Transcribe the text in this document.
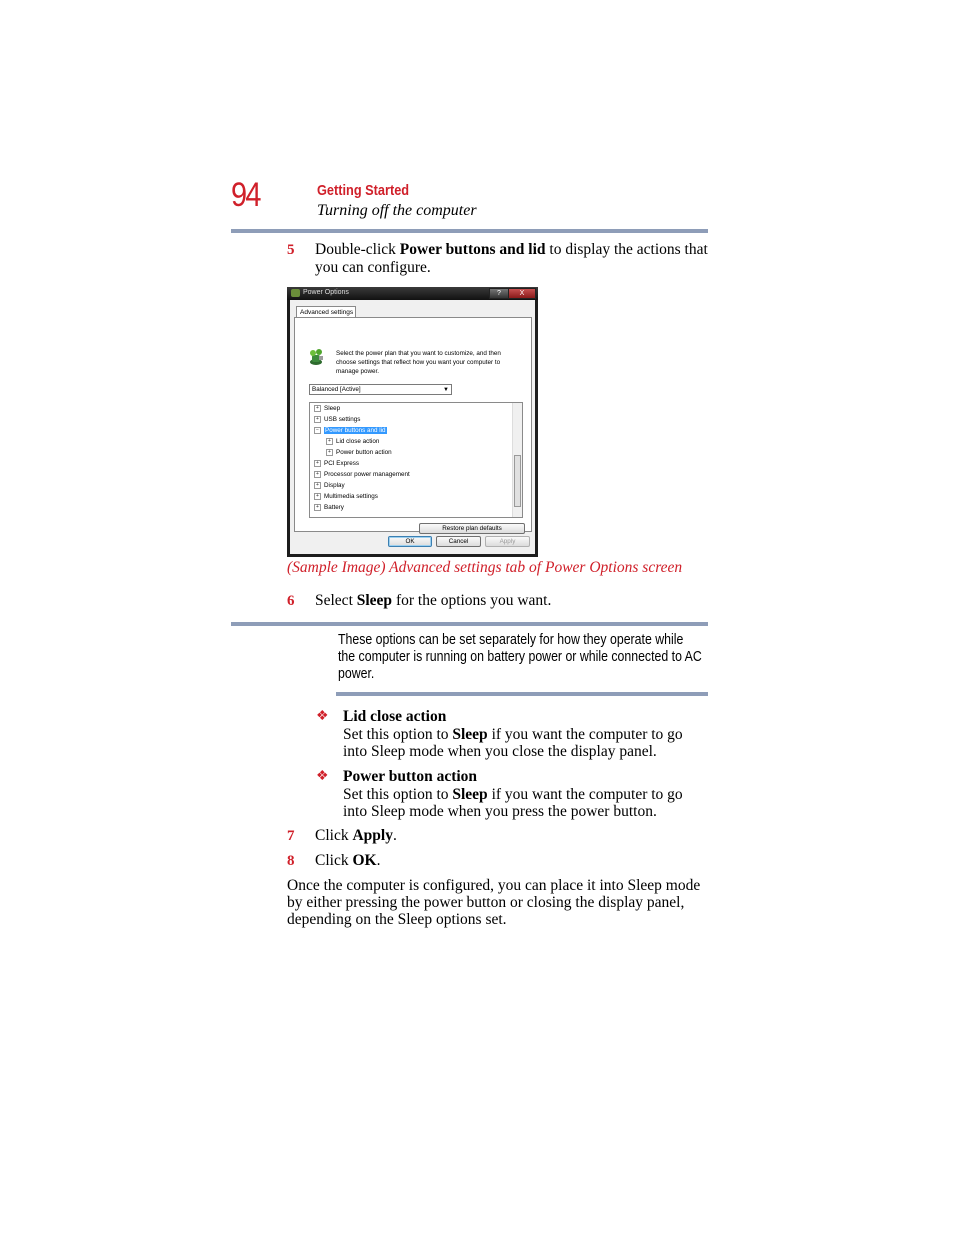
94	Getting Started
Turning off the computer
5 Double-click Power buttons and lid to display the actions that you can configure.
Power Options	?	X
Advanced settings
Select the power plan that you want to customize, and then choose settings that reflect how you want your computer to manage power.
Balanced [Active]	▼
+ Sleep
+ USB settings
− Power buttons and lid
+ Lid close action
+ Power button action
+ PCI Express
+ Processor power management
+ Display
+ Multimedia settings
+ Battery
Restore plan defaults
OK	Cancel	Apply
(Sample Image) Advanced settings tab of Power Options screen
6 Select Sleep for the options you want.
These options can be set separately for how they operate while the computer is running on battery power or while connected to AC power.
❖ Lid close action
Set this option to Sleep if you want the computer to go into Sleep mode when you close the display panel.
❖ Power button action
Set this option to Sleep if you want the computer to go into Sleep mode when you press the power button.
7 Click Apply.
8 Click OK.
Once the computer is configured, you can place it into Sleep mode by either pressing the power button or closing the display panel, depending on the Sleep options set.
